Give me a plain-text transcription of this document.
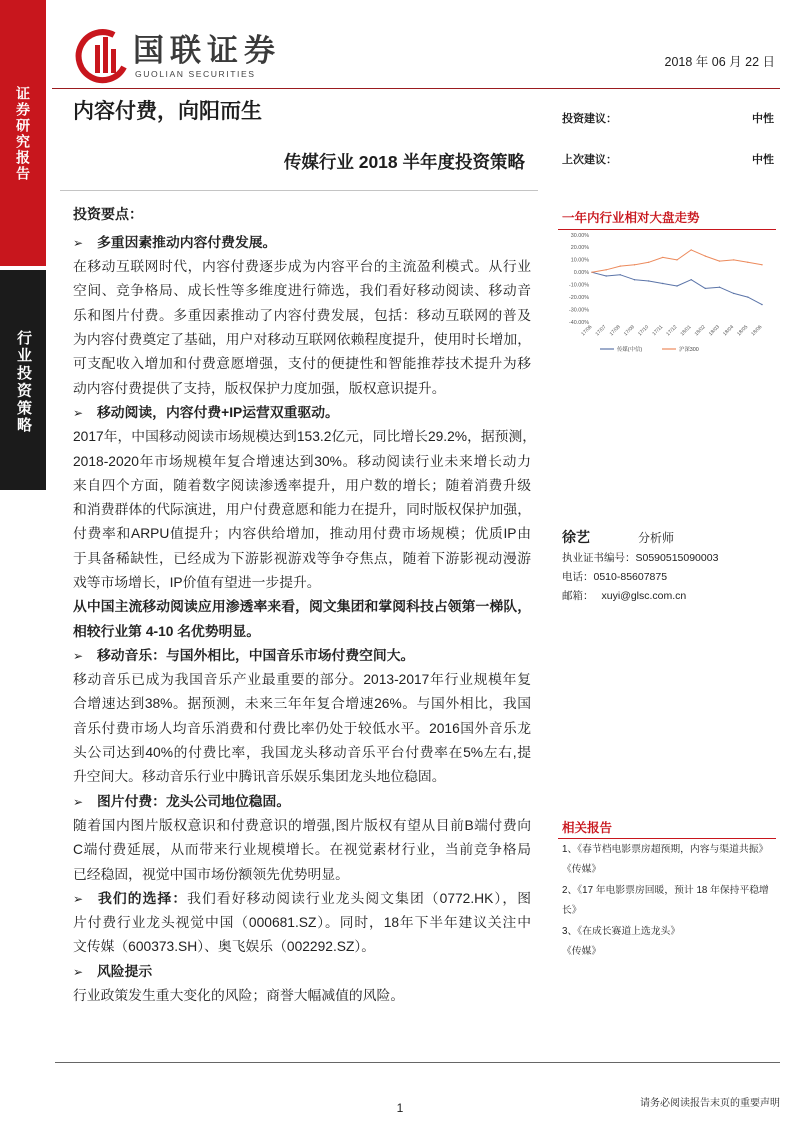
证券研究报告
行业投资策略
国联证券
GUOLIAN SECURITIES
2018 年 06 月 22 日
内容付费，向阳而生
传媒行业 2018 半年度投资策略
投资建议：	中性
上次建议：	中性
投资要点：
➢多重因素推动内容付费发展。
在移动互联网时代，内容付费逐步成为内容平台的主流盈利模式。从行业
空间、竞争格局、成长性等多维度进行筛选，我们看好移动阅读、移动音
乐和图片付费。多重因素推动了内容付费发展，包括：移动互联网的普及
为内容付费奠定了基础，用户对移动互联网依赖程度提升，使用时长增加，
可支配收入增加和付费意愿增强，支付的便捷性和智能推荐技术提升为移
动内容付费提供了支持，版权保护力度加强，版权意识提升。
➢移动阅读，内容付费+IP运营双重驱动。
2017年，中国移动阅读市场规模达到153.2亿元，同比增长29.2%，据预测，
2018-2020年市场规模年复合增速达到30%。移动阅读行业未来增长动力
来自四个方面，随着数字阅读渗透率提升，用户数的增长；随着消费升级
和消费群体的代际演进，用户付费意愿和能力在提升，同时版权保护加强，
付费率和ARPU值提升；内容供给增加，推动用付费市场规模；优质IP由
于具备稀缺性，已经成为下游影视游戏等争夺焦点，随着下游影视动漫游
戏等市场增长，IP价值有望进一步提升。
从中国主流移动阅读应用渗透率来看，阅文集团和掌阅科技占领第一梯队，
相较行业第 4-10 名优势明显。
➢移动音乐：与国外相比，中国音乐市场付费空间大。
移动音乐已成为我国音乐产业最重要的部分。2013-2017年行业规模年复
合增速达到38%。据预测，未来三年年复合增速26%。与国外相比，我国
音乐付费市场人均音乐消费和付费比率仍处于较低水平。2016国外音乐龙
头公司达到40%的付费比率，我国龙头移动音乐平台付费率在5%左右,提
升空间大。移动音乐行业中腾讯音乐娱乐集团龙头地位稳固。
➢图片付费：龙头公司地位稳固。
随着国内图片版权意识和付费意识的增强,图片版权有望从目前B端付费向
C端付费延展，从而带来行业规模增长。在视觉素材行业，当前竞争格局
已经稳固，视觉中国市场份额领先优势明显。
➢我们的选择：我们看好移动阅读行业龙头阅文集团（0772.HK），图
片付费行业龙头视觉中国（000681.SZ）。同时，18年下半年建议关注中
文传媒（600373.SH）、奥飞娱乐（002292.SZ）。
➢风险提示
行业政策发生重大变化的风险；商誉大幅减值的风险。
一年内行业相对大盘走势
30.00%
20.00%
10.00%
0.00%
-10.00%
-20.00%
-30.00%
-40.00%
17/06 17/07 17/08 17/09 17/10 17/11 17/12 18/01 18/02 18/03 18/04 18/05 18/06
传媒(中信)	沪深300
徐艺	分析师
执业证书编号：S0590515090003
电话：0510-85607875
邮箱： xuyi@glsc.com.cn
相关报告
1、《春节档电影票房超预期，内容与渠道共振》
《传媒》
2、《17 年电影票房回暖，预计 18 年保持平稳增
长》
3、《在成长赛道上选龙头》
《传媒》
1	请务必阅读报告末页的重要声明
